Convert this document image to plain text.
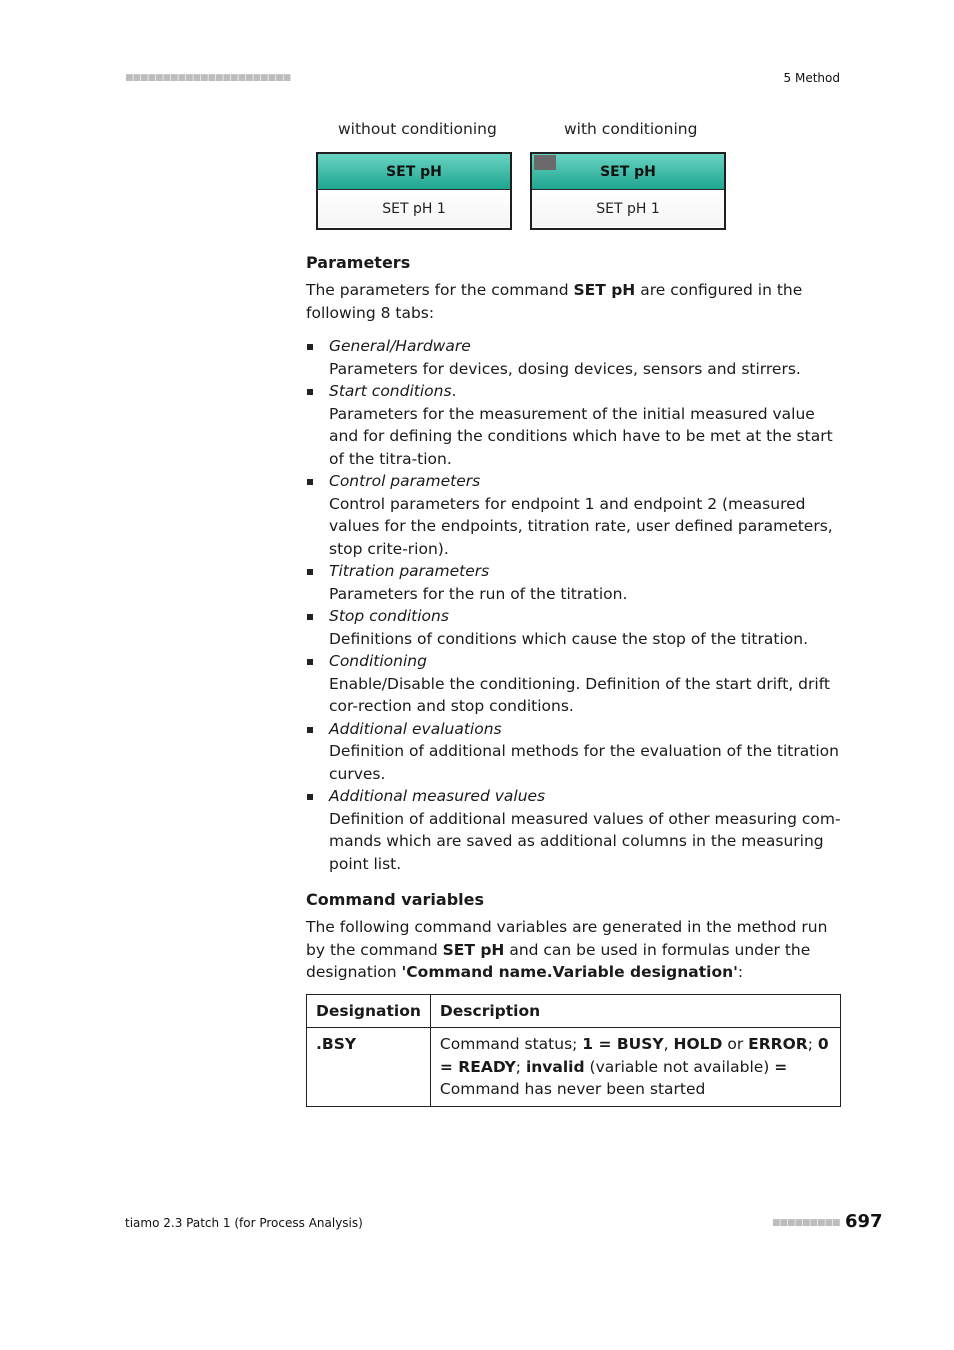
■■■■■■■■■■■■■■■■■■■■■■	5 Method
without conditioning	with conditioning
SET pH
SET pH 1
SET pH
SET pH 1
Parameters

The parameters for the command SET pH are configured in the following 8 tabs:

General/Hardware
Parameters for devices, dosing devices, sensors and stirrers.
Start conditions.
Parameters for the measurement of the initial measured value and for defining the conditions which have to be met at the start of the titra-tion.
Control parameters
Control parameters for endpoint 1 and endpoint 2 (measured values for the endpoints, titration rate, user defined parameters, stop crite-rion).
Titration parameters
Parameters for the run of the titration.
Stop conditions
Definitions of conditions which cause the stop of the titration.
Conditioning
Enable/Disable the conditioning. Definition of the start drift, drift cor-rection and stop conditions.
Additional evaluations
Definition of additional methods for the evaluation of the titration curves.
Additional measured values
Definition of additional measured values of other measuring com-mands which are saved as additional columns in the measuring point list.
Command variables

The following command variables are generated in the method run by the command SET pH and can be used in formulas under the designation 'Command name.Variable designation':

Designation	Description
.BSY	Command status; 1 = BUSY, HOLD or ERROR; 0 = READY; invalid (variable not available) = Command has never been started
tiamo 2.3 Patch 1 (for Process Analysis)	■■■■■■■■■ 697
